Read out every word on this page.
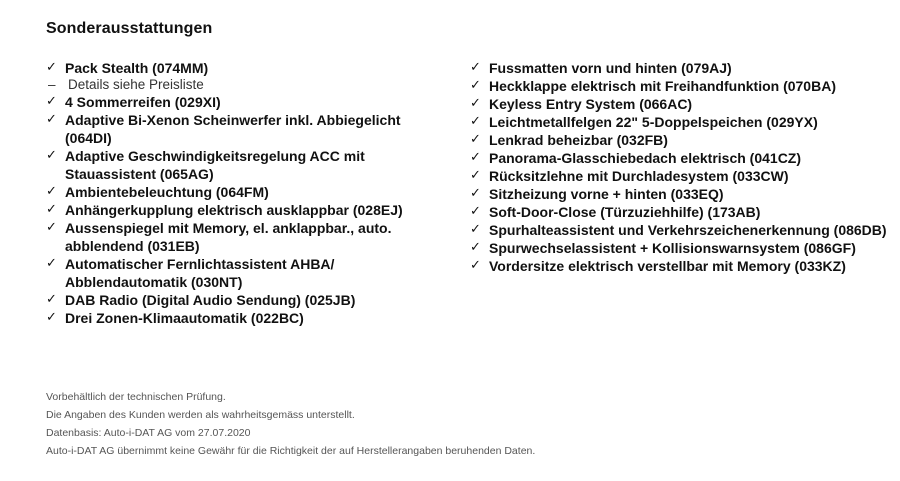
Sonderausstattungen
✓ Pack Stealth (074MM)
– Details siehe Preisliste
✓ 4 Sommerreifen (029XI)
✓ Adaptive Bi-Xenon Scheinwerfer inkl. Abbiegelicht (064DI)
✓ Adaptive Geschwindigkeitsregelung ACC mit Stauassistent (065AG)
✓ Ambientebeleuchtung (064FM)
✓ Anhängerkupplung elektrisch ausklappbar (028EJ)
✓ Aussenspiegel mit Memory, el. anklappbar., auto. abblendend (031EB)
✓ Automatischer Fernlichtassistent AHBA/ Abblendautomatik (030NT)
✓ DAB Radio (Digital Audio Sendung) (025JB)
✓ Drei Zonen-Klimaautomatik (022BC)
✓ Fussmatten vorn und hinten (079AJ)
✓ Heckklappe elektrisch mit Freihandfunktion (070BA)
✓ Keyless Entry System (066AC)
✓ Leichtmetallfelgen 22" 5-Doppelspeichen (029YX)
✓ Lenkrad beheizbar (032FB)
✓ Panorama-Glasschiebedach elektrisch (041CZ)
✓ Rücksitzlehne mit Durchladesystem (033CW)
✓ Sitzheizung vorne + hinten (033EQ)
✓ Soft-Door-Close (Türzuziehhilfe) (173AB)
✓ Spurhalteassistent und Verkehrszeichenerkennung (086DB)
✓ Spurwechselassistent + Kollisionswarnsystem (086GF)
✓ Vordersitze elektrisch verstellbar mit Memory (033KZ)

Vorbehältlich der technischen Prüfung.

Die Angaben des Kunden werden als wahrheitsgemäss unterstellt.

Datenbasis: Auto-i-DAT AG vom 27.07.2020

Auto-i-DAT AG übernimmt keine Gewähr für die Richtigkeit der auf Herstellerangaben beruhenden Daten.
